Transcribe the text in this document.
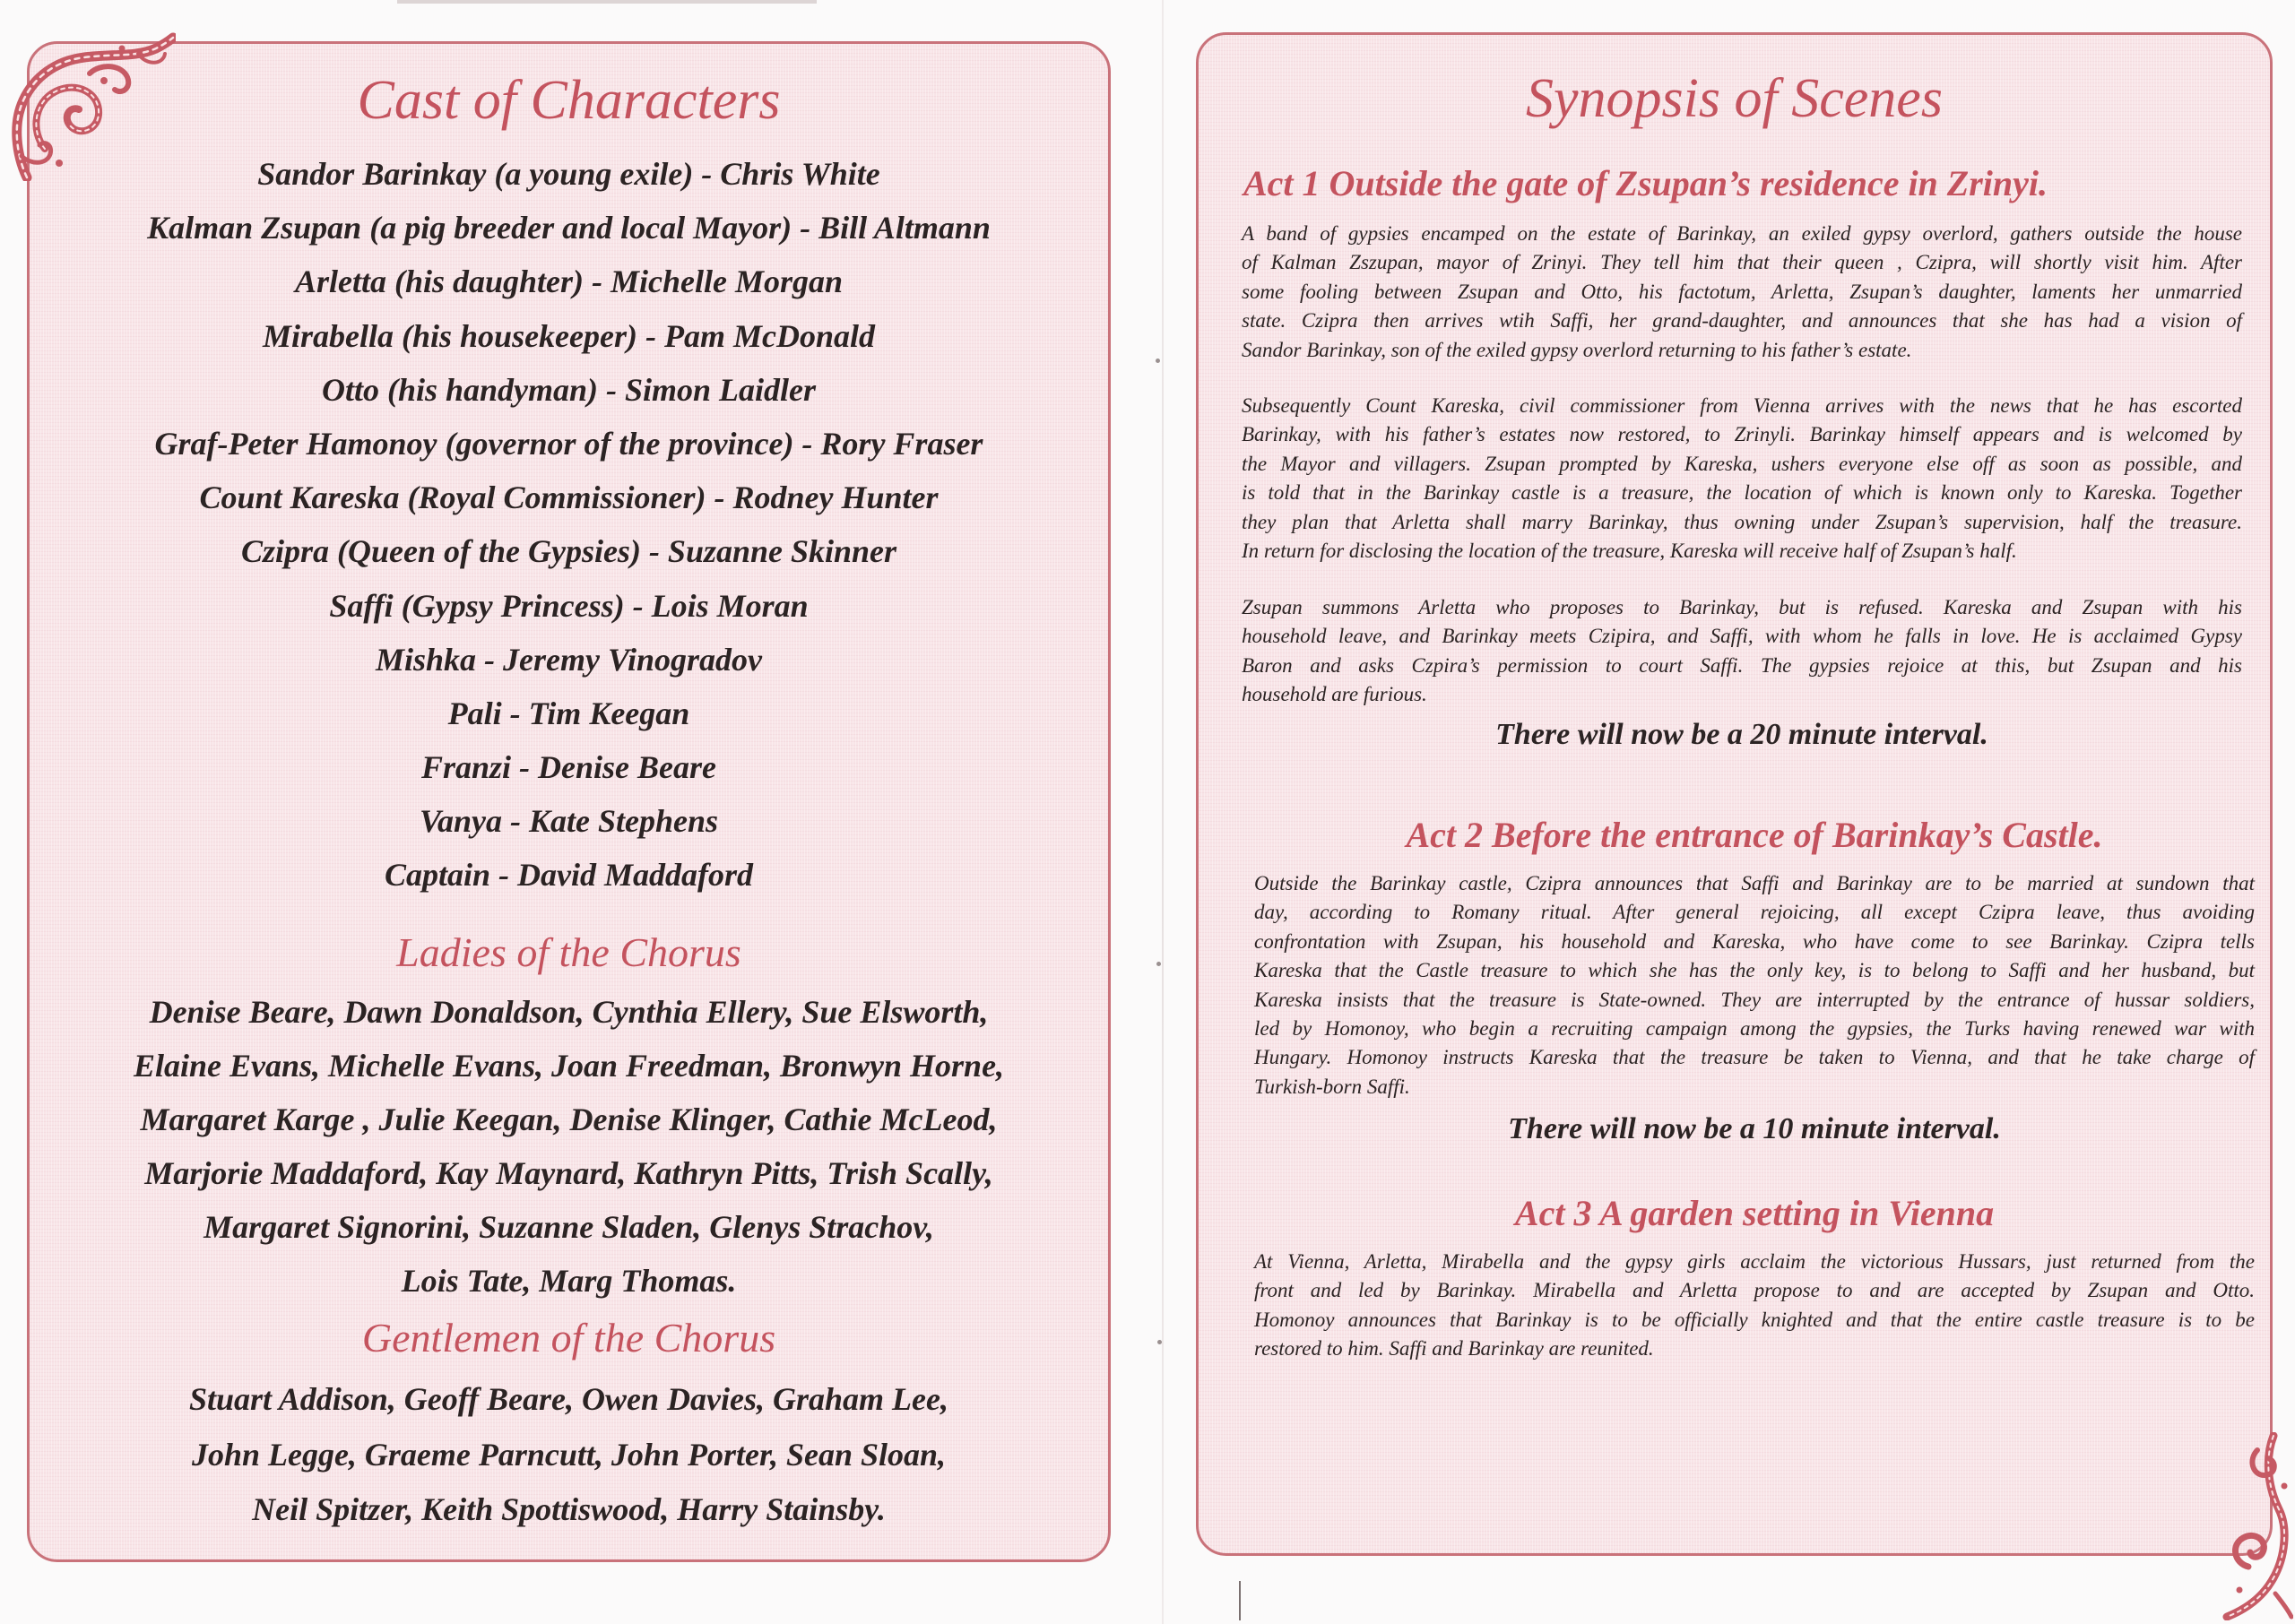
Cast of Characters
Sandor Barinkay (a young exile) - Chris White
Kalman Zsupan (a pig breeder and local Mayor) - Bill Altmann
Arletta (his daughter) - Michelle Morgan
Mirabella (his housekeeper) - Pam McDonald
Otto (his handyman) - Simon Laidler
Graf-Peter Hamonoy (governor of the province) - Rory Fraser
Count Kareska (Royal Commissioner) - Rodney Hunter
Czipra (Queen of the Gypsies) - Suzanne Skinner
Saffi (Gypsy Princess) - Lois Moran
Mishka - Jeremy Vinogradov
Pali - Tim Keegan
Franzi - Denise Beare
Vanya - Kate Stephens
Captain - David Maddaford
Ladies of the Chorus
Denise Beare, Dawn Donaldson, Cynthia Ellery, Sue Elsworth,
Elaine Evans, Michelle Evans, Joan Freedman, Bronwyn Horne,
Margaret Karge , Julie Keegan, Denise Klinger, Cathie McLeod,
Marjorie Maddaford, Kay Maynard, Kathryn Pitts, Trish Scally,
Margaret Signorini, Suzanne Sladen, Glenys Strachov,
Lois Tate, Marg Thomas.
Gentlemen of the Chorus
Stuart Addison, Geoff Beare, Owen Davies, Graham Lee,
John Legge, Graeme Parncutt, John Porter, Sean Sloan,
Neil Spitzer, Keith Spottiswood, Harry Stainsby.
Synopsis of Scenes
Act 1 Outside the gate of Zsupan’s residence in Zrinyi.
A band of gypsies encamped on the estate of Barinkay, an exiled gypsy overlord, gathers outside the house
of Kalman Zszupan, mayor of Zrinyi. They tell him that their queen , Czipra, will shortly visit him. After
some fooling between Zsupan and Otto, his factotum, Arletta, Zsupan’s daughter, laments her unmarried
state. Czipra then arrives wtih Saffi, her grand-daughter, and announces that she has had a vision of
Sandor Barinkay, son of the exiled gypsy overlord returning to his father’s estate.
Subsequently Count Kareska, civil commissioner from Vienna arrives with the news that he has escorted
Barinkay, with his father’s estates now restored, to Zrinyli. Barinkay himself appears and is welcomed by
the Mayor and villagers. Zsupan prompted by Kareska, ushers everyone else off as soon as possible, and
is told that in the Barinkay castle is a treasure, the location of which is known only to Kareska. Together
they plan that Arletta shall marry Barinkay, thus owning under Zsupan’s supervision, half the treasure.
In return for disclosing the location of the treasure, Kareska will receive half of Zsupan’s half.
Zsupan summons Arletta who proposes to Barinkay, but is refused. Kareska and Zsupan with his
household leave, and Barinkay meets Czipira, and Saffi, with whom he falls in love. He is acclaimed Gypsy
Baron and asks Czpira’s permission to court Saffi. The gypsies rejoice at this, but Zsupan and his
household are furious.
There will now be a 20 minute interval.
Act 2 Before the entrance of Barinkay’s Castle.
Outside the Barinkay castle, Czipra announces that Saffi and Barinkay are to be married at sundown that
day, according to Romany ritual. After general rejoicing, all except Czipra leave, thus avoiding
confrontation with Zsupan, his household and Kareska, who have come to see Barinkay. Czipra tells
Kareska that the Castle treasure to which she has the only key, is to belong to Saffi and her husband, but
Kareska insists that the treasure is State-owned. They are interrupted by the entrance of hussar soldiers,
led by Homonoy, who begin a recruiting campaign among the gypsies, the Turks having renewed war with
Hungary. Homonoy instructs Kareska that the treasure be taken to Vienna, and that he take charge of
Turkish-born Saffi.
There will now be a 10 minute interval.
Act 3 A garden setting in Vienna
At Vienna, Arletta, Mirabella and the gypsy girls acclaim the victorious Hussars, just returned from the
front and led by Barinkay. Mirabella and Arletta propose to and are accepted by Zsupan and Otto.
Homonoy announces that Barinkay is to be officially knighted and that the entire castle treasure is to be
restored to him. Saffi and Barinkay are reunited.
